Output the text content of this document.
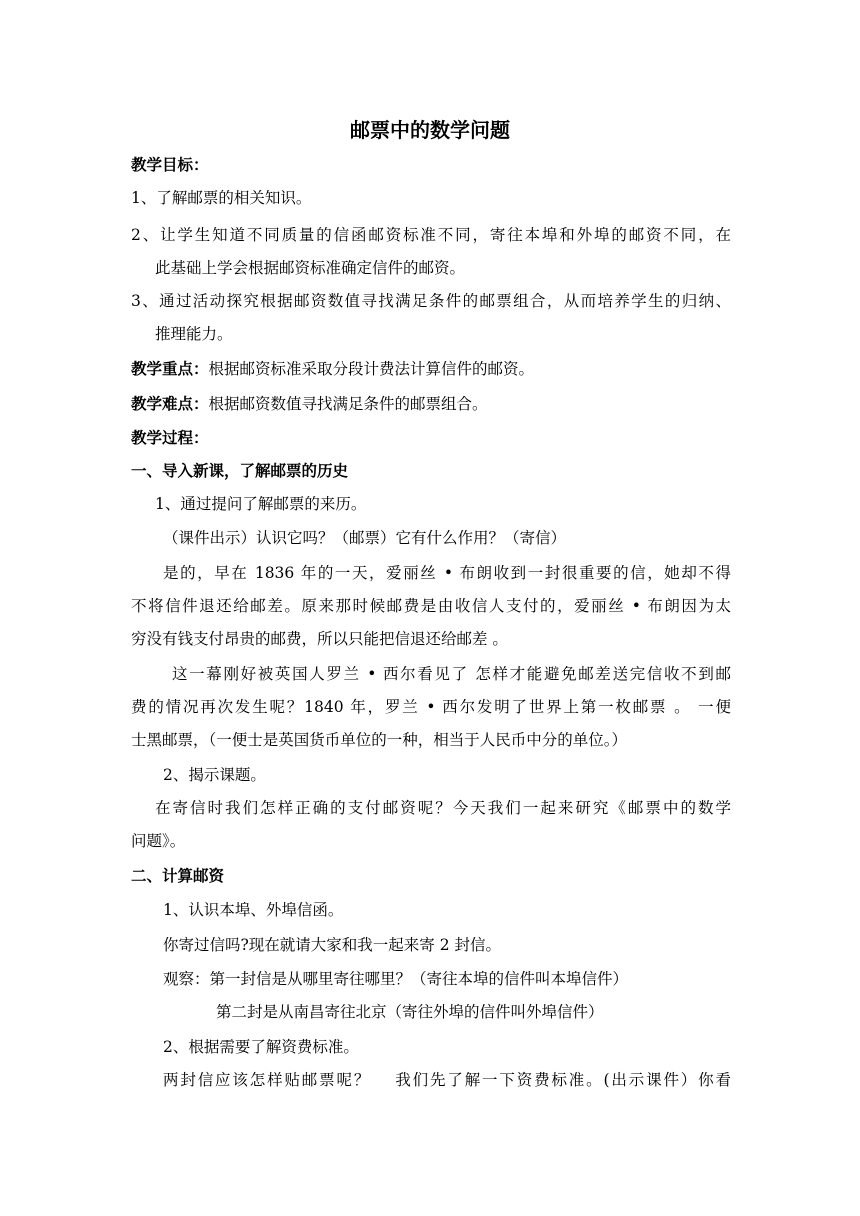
邮票中的数学问题
教学目标：
1、了解邮票的相关知识。
2、让学生知道不同质量的信函邮资标准不同，寄往本埠和外埠的邮资不同，在
此基础上学会根据邮资标准确定信件的邮资。
3、通过活动探究根据邮资数值寻找满足条件的邮票组合，从而培养学生的归纳、
推理能力。
教学重点：根据邮资标准采取分段计费法计算信件的邮资。
教学难点：根据邮资数值寻找满足条件的邮票组合。
教学过程：
一、导入新课，了解邮票的历史
1、通过提问了解邮票的来历。
（课件出示）认识它吗？（邮票）它有什么作用？（寄信）
是的，早在 1836 年的一天，爱丽丝 • 布朗收到一封很重要的信，她却不得
不将信件退还给邮差。原来那时候邮费是由收信人支付的，爱丽丝 • 布朗因为太
穷没有钱支付昂贵的邮费，所以只能把信退还给邮差 。
这一幕刚好被英国人罗兰 • 西尔看见了 怎样才能避免邮差送完信收不到邮
费的情况再次发生呢？1840 年，罗兰 • 西尔发明了世界上第一枚邮票 。 一便
士黑邮票，（一便士是英国货币单位的一种，相当于人民币中分的单位。）
2、揭示课题。
在寄信时我们怎样正确的支付邮资呢？今天我们一起来研究《邮票中的数学
问题》。
二、计算邮资
1、认识本埠、外埠信函。
你寄过信吗?现在就请大家和我一起来寄 2 封信。
观察：第一封信是从哪里寄往哪里？（寄往本埠的信件叫本埠信件）
第二封是从南昌寄往北京（寄往外埠的信件叫外埠信件）
2、根据需要了解资费标准。
两封信应该怎样贴邮票呢？　 我们先了解一下资费标准。(出示课件）你看
